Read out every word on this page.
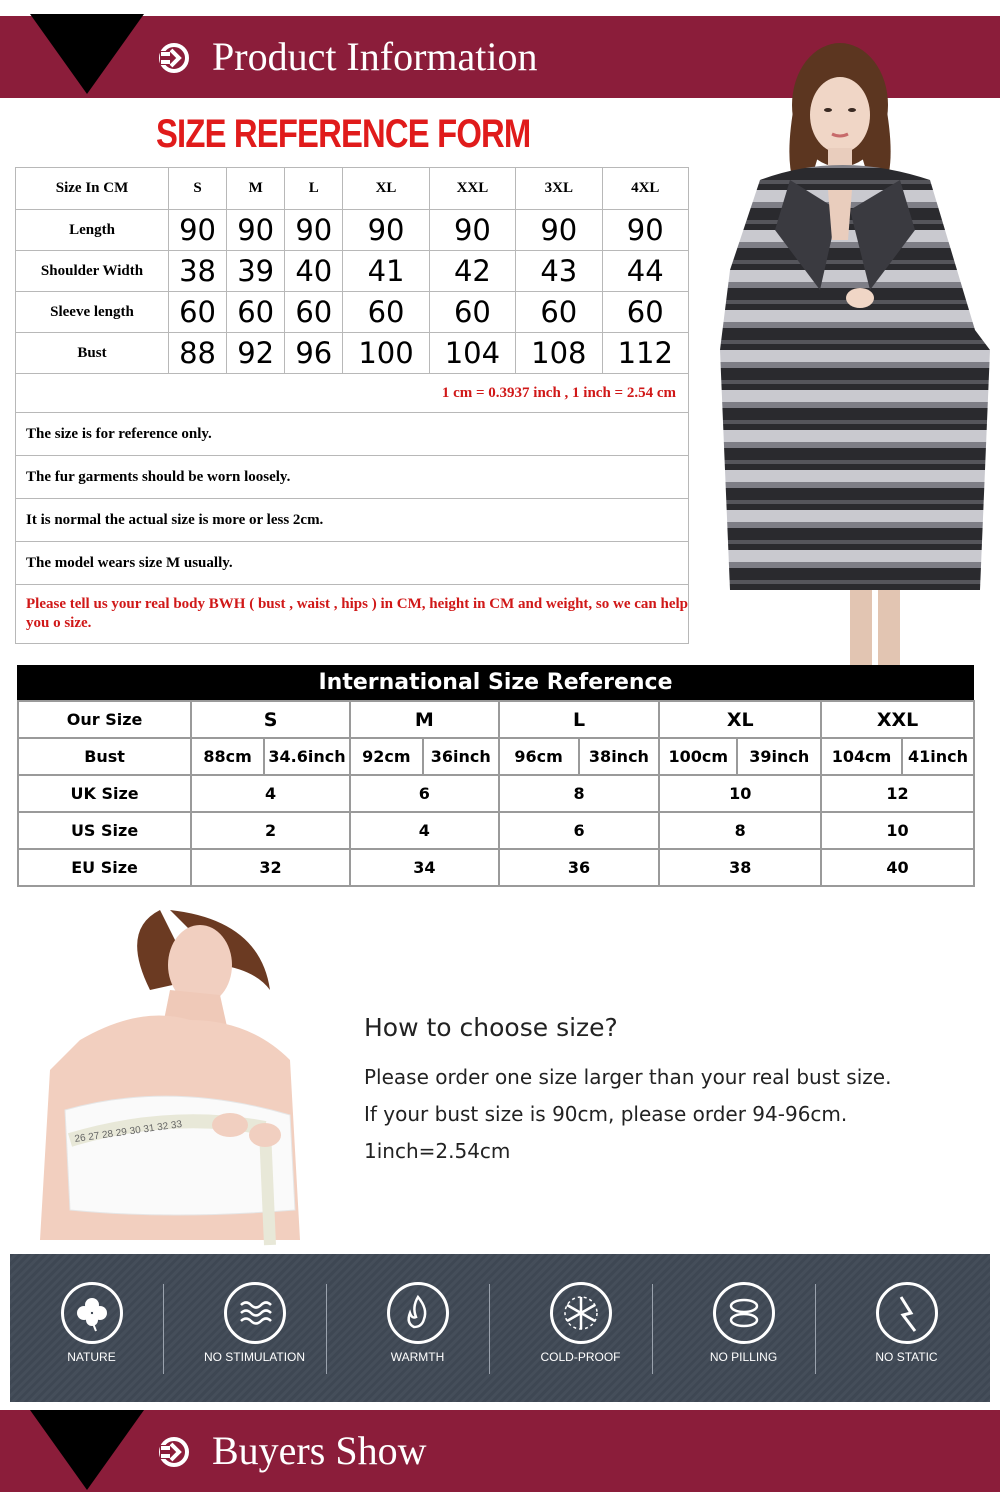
Product Information
SIZE REFERENCE FORM
Size In CM	S	M	L	XL	XXL	3XL	4XL
Length	90	90	90	90	90	90	90
Shoulder Width	38	39	40	41	42	43	44
Sleeve length	60	60	60	60	60	60	60
Bust	88	92	96	100	104	108	112
1 cm = 0.3937 inch , 1 inch = 2.54 cm							
The size is for reference only.							
The fur garments should be worn loosely.							
It is normal the actual size is more or less 2cm.							
The model wears size M usually.							
Please tell us your real body BWH ( bust , waist , hips ) in CM, height in CM and weight, so we can help you o size.							
International Size Reference
Our Size	S		M		L		XL		XXL	
Bust	88cm	34.6inch	92cm	36inch	96cm	38inch	100cm	39inch	104cm	41inch
UK Size	4		6		8		10		12	
US Size	2		4		6		8		10	
EU Size	32		34		36		38		40	
26 27 28 29 30 31 32 33
How to choose size?
Please order one size larger than your real bust size.
If your bust size is 90cm, please order 94-96cm.
1inch=2.54cm
NATURE	NO STIMULATION	WARMTH	COLD-PROOF	NO PILLING	NO STATIC
Buyers Show
